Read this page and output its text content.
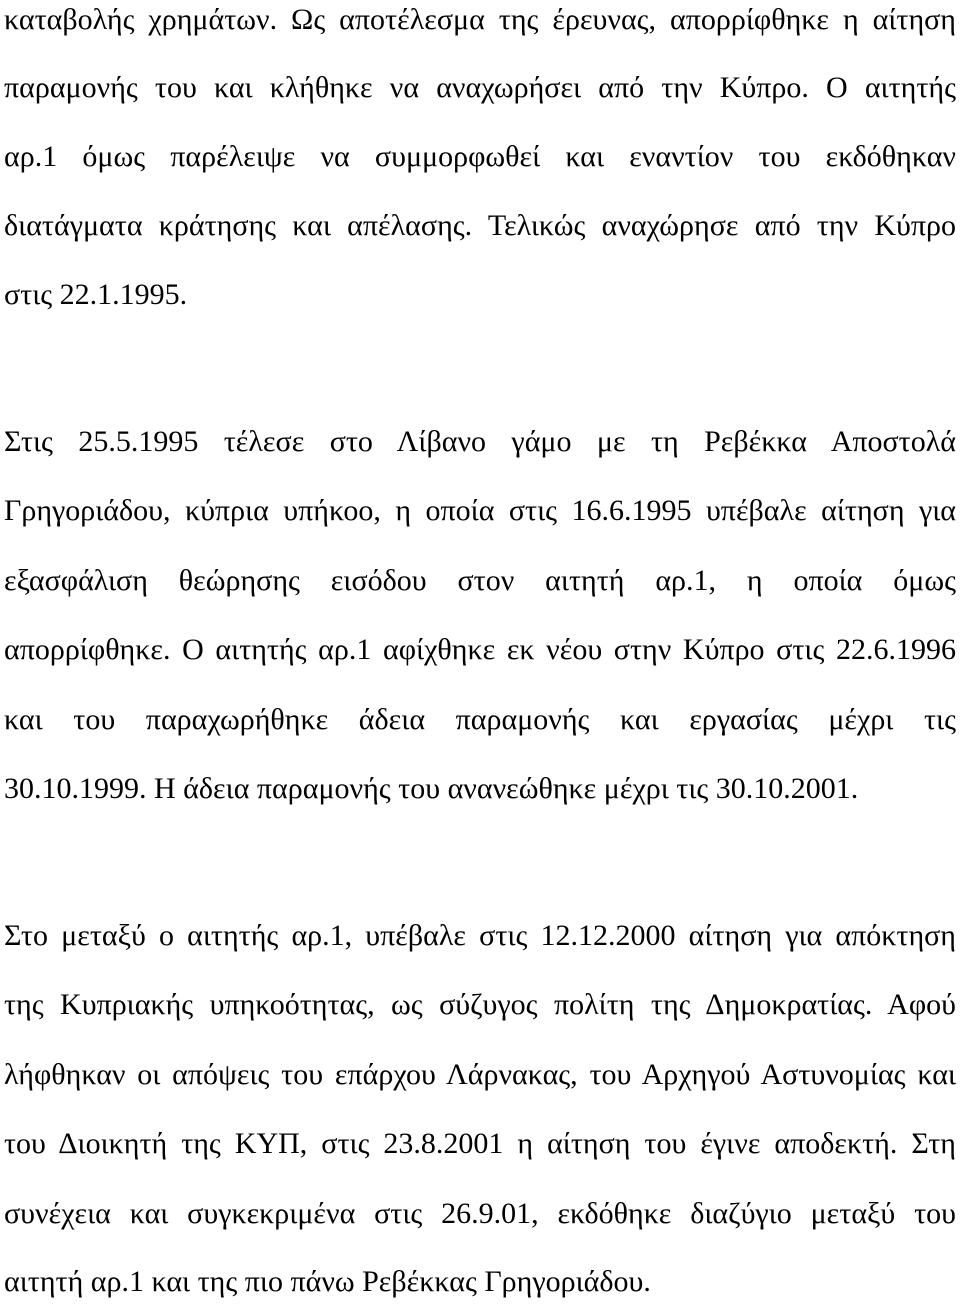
καταβολής χρημάτων. Ως αποτέλεσμα της έρευνας, απορρίφθηκε η αίτηση
παραμονής του και κλήθηκε να αναχωρήσει από την Κύπρο. Ο αιτητής
αρ.1 όμως παρέλειψε να συμμορφωθεί και εναντίον του εκδόθηκαν
διατάγματα κράτησης και απέλασης. Τελικώς αναχώρησε από την Κύπρο
στις 22.1.1995.
Στις 25.5.1995 τέλεσε στο Λίβανο γάμο με τη Ρεβέκκα Αποστολά
Γρηγοριάδου, κύπρια υπήκοο, η οποία στις 16.6.1995 υπέβαλε αίτηση για
εξασφάλιση θεώρησης εισόδου στον αιτητή αρ.1, η οποία όμως
απορρίφθηκε. Ο αιτητής αρ.1 αφίχθηκε εκ νέου στην Κύπρο στις 22.6.1996
και του παραχωρήθηκε άδεια παραμονής και εργασίας μέχρι τις
30.10.1999. Η άδεια παραμονής του ανανεώθηκε μέχρι τις 30.10.2001.
Στο μεταξύ ο αιτητής αρ.1, υπέβαλε στις 12.12.2000 αίτηση για απόκτηση
της Κυπριακής υπηκοότητας, ως σύζυγος πολίτη της Δημοκρατίας. Αφού
λήφθηκαν οι απόψεις του επάρχου Λάρνακας, του Αρχηγού Αστυνομίας και
του Διοικητή της ΚΥΠ, στις 23.8.2001 η αίτηση του έγινε αποδεκτή. Στη
συνέχεια και συγκεκριμένα στις 26.9.01, εκδόθηκε διαζύγιο μεταξύ του
αιτητή αρ.1 και της πιο πάνω Ρεβέκκας Γρηγοριάδου.
